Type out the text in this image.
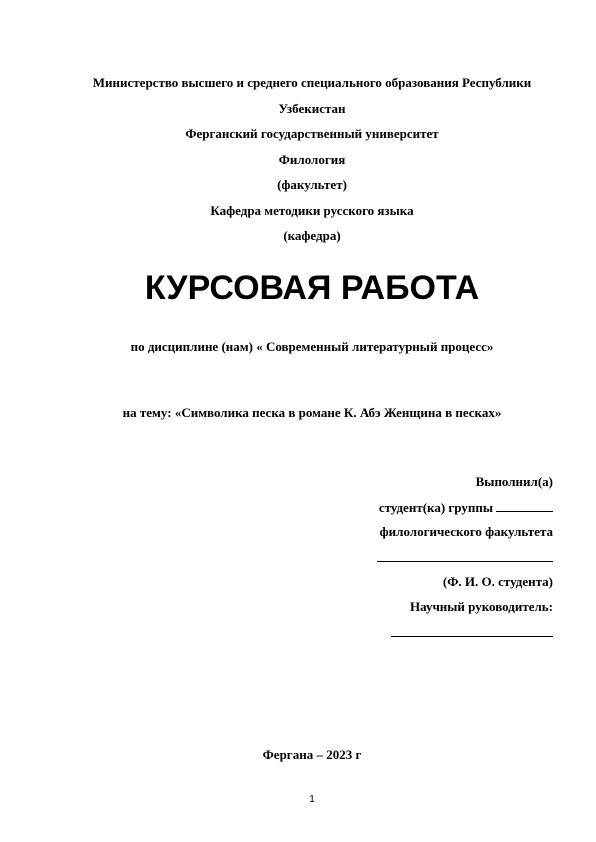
Министерство высшего и среднего специального образования Республики
Узбекистан
Ферганский государственный университет
Филология
(факультет)
Кафедра методики русского языка
(кафедра)
КУРСОВАЯ РАБОТА
по дисциплине (нам) « Современный литературный процесс»
на тему: «Символика песка в романе К. Абэ Женщина в песках»
Выполнил(а)
студент(ка) группы
филологического факультета
(Ф. И. О. студента)
Научный руководитель:
Фергана – 2023 г
1
